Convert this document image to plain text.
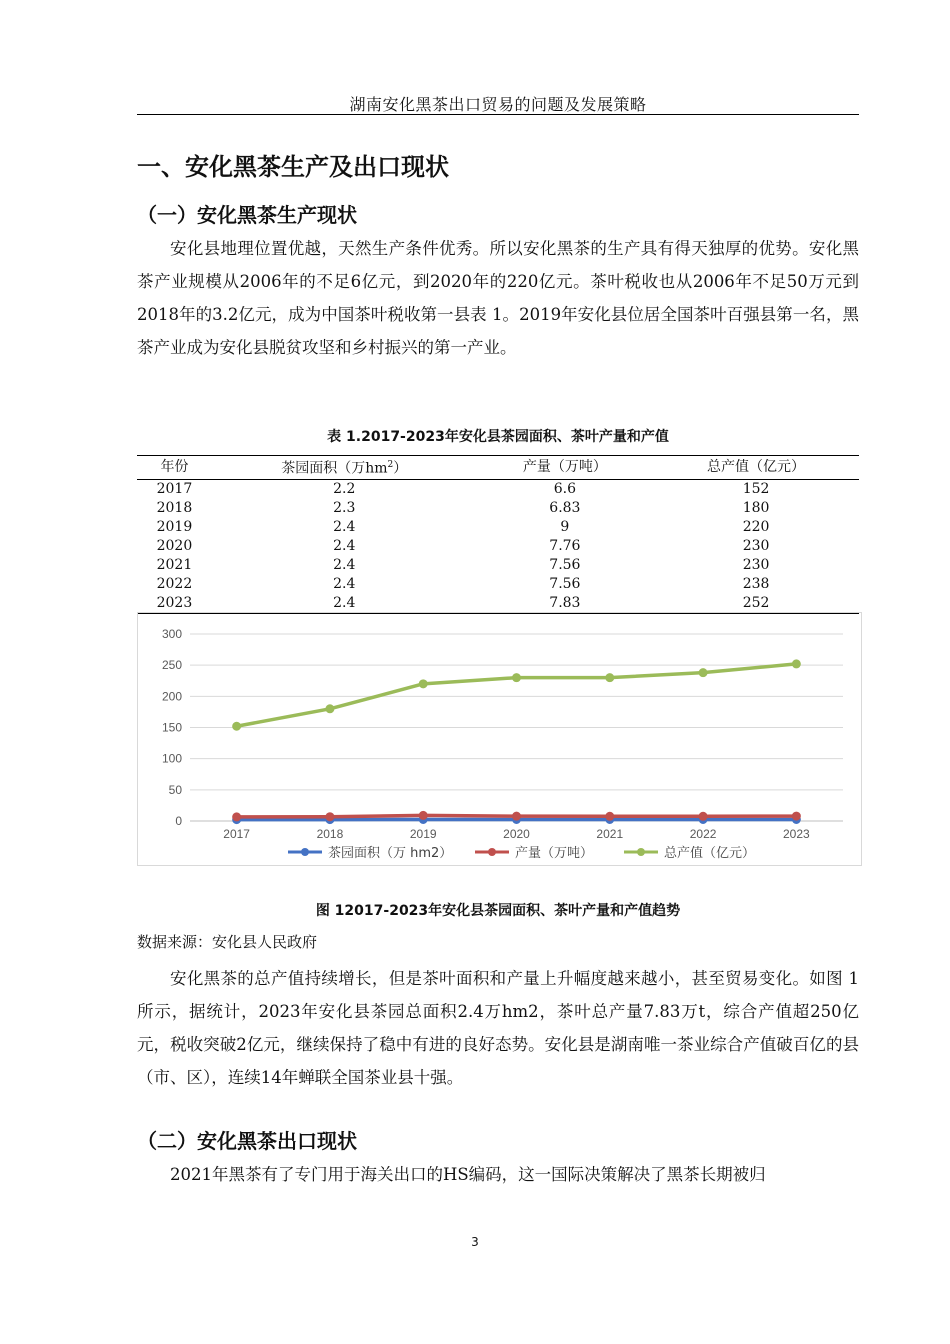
湖南安化黑茶出口贸易的问题及发展策略
一、安化黑茶生产及出口现状
（一）安化黑茶生产现状
安化县地理位置优越，天然生产条件优秀。所以安化黑茶的生产具有得天独厚的优势。安化黑茶产业规模从2006年的不足6亿元，到2020年的220亿元。茶叶税收也从2006年不足50万元到2018年的3.2亿元，成为中国茶叶税收第一县表 1。2019年安化县位居全国茶叶百强县第一名，黑茶产业成为安化县脱贫攻坚和乡村振兴的第一产业。
表 1.2017-2023年安化县茶园面积、茶叶产量和产值
年份	茶园面积（万$hm^2$）	产量（万吨）	总产值（亿元）
2017	2.2	6.6	152
2018	2.3	6.83	180
2019	2.4	9	220
2020	2.4	7.76	230
2021	2.4	7.56	230
2022	2.4	7.56	238
2023	2.4	7.83	252
0
50
100
150
200
250
300
2017	2018	2019	2020	2021	2022	2023
茶园面积（万 hm2）	产量（万吨）	总产值（亿元）
图 12017-2023年安化县茶园面积、茶叶产量和产值趋势
数据来源：安化县人民政府
安化黑茶的总产值持续增长，但是茶叶面积和产量上升幅度越来越小，甚至贸易变化。如图 1所示，据统计，2023年安化县茶园总面积2.4万hm2，茶叶总产量7.83万t，综合产值超250亿元，税收突破2亿元，继续保持了稳中有进的良好态势。安化县是湖南唯一茶业综合产值破百亿的县（市、区），连续14年蝉联全国茶业县十强。
（二）安化黑茶出口现状
2021年黑茶有了专门用于海关出口的HS编码，这一国际决策解决了黑茶长期被归
3
